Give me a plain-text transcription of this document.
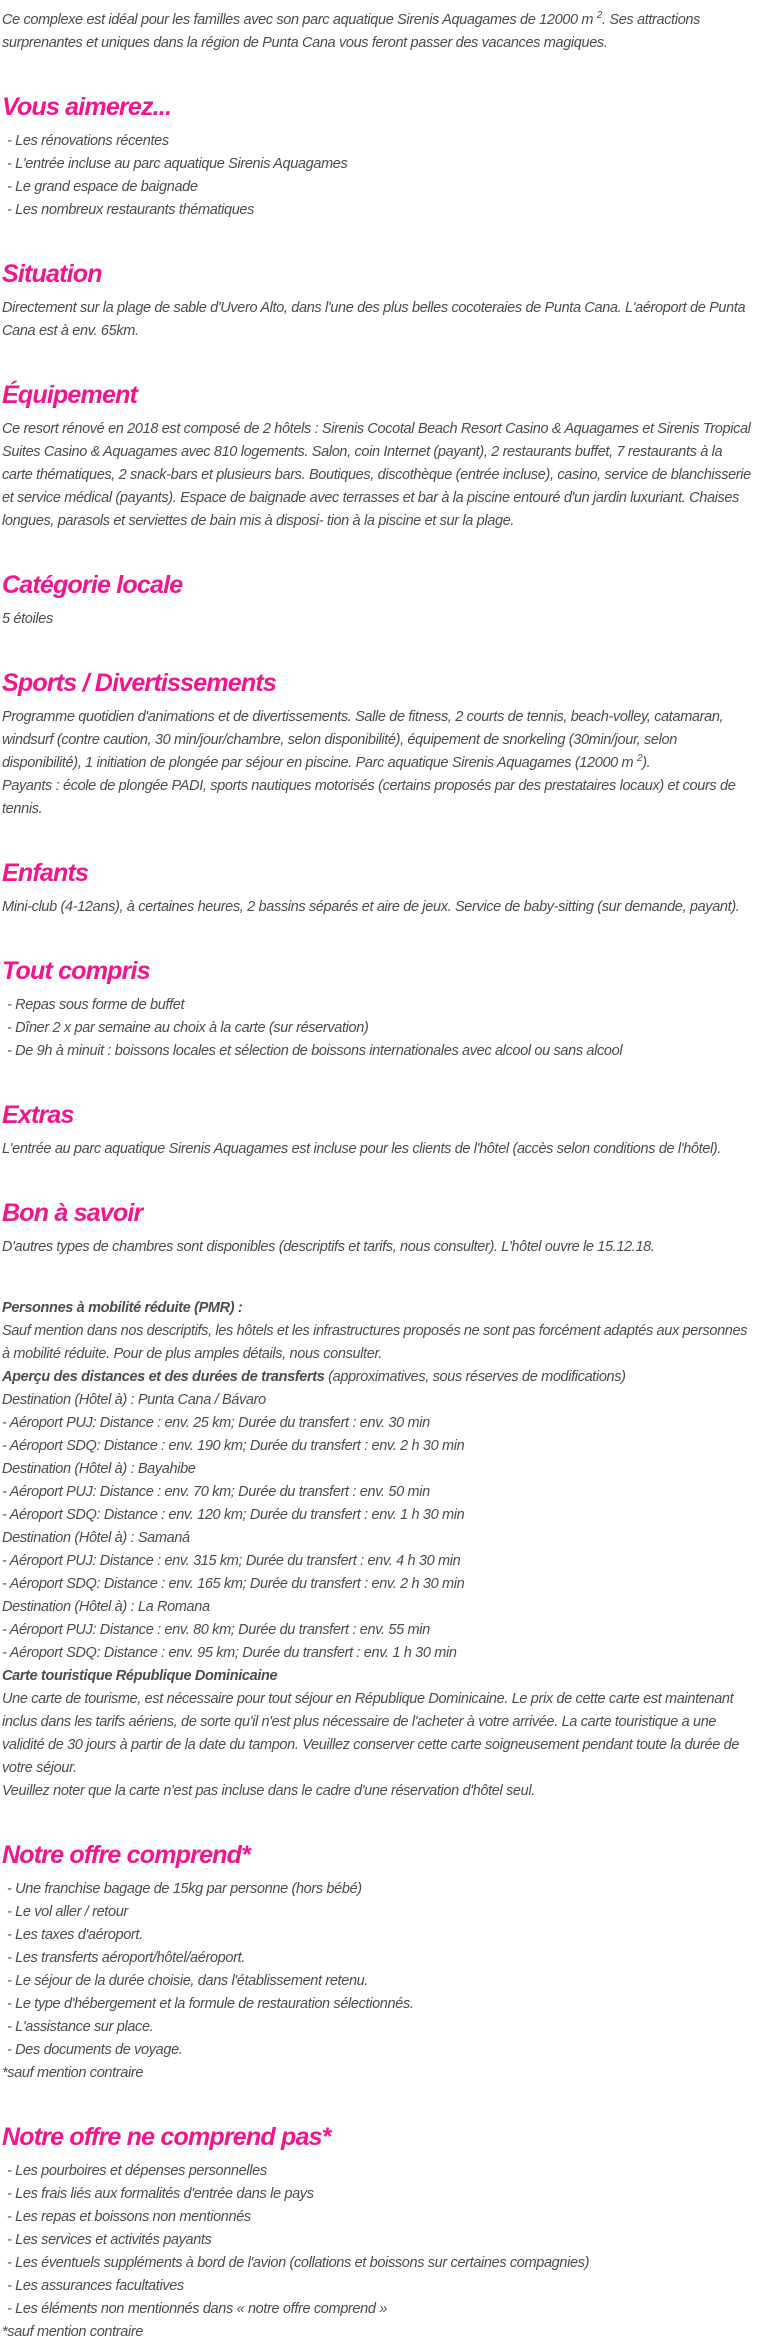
Ce complexe est idéal pour les familles avec son parc aquatique Sirenis Aquagames de 12000 m $^2$. Ses attractions surprenantes et uniques dans la région de Punta Cana vous feront passer des vacances magiques.

Vous aimerez...

- Les rénovations récentes

- L'entrée incluse au parc aquatique Sirenis Aquagames

- Le grand espace de baignade

- Les nombreux restaurants thématiques

Situation

Directement sur la plage de sable d'Uvero Alto, dans l'une des plus belles cocoteraies de Punta Cana. L'aéroport de Punta Cana est à env. 65km.

Équipement

Ce resort rénové en 2018 est composé de 2 hôtels : Sirenis Cocotal Beach Resort Casino & Aquagames et Sirenis Tropical Suites Casino & Aquagames avec 810 logements. Salon, coin Internet (payant), 2 restaurants buffet, 7 restaurants à la carte thématiques, 2 snack-bars et plusieurs bars. Boutiques, discothèque (entrée incluse), casino, service de blanchisserie et service médical (payants). Espace de baignade avec terrasses et bar à la piscine entouré d'un jardin luxuriant. Chaises longues, parasols et serviettes de bain mis à disposi- tion à la piscine et sur la plage.

Catégorie locale

5 étoiles

Sports / Divertissements

Programme quotidien d'animations et de divertissements. Salle de fitness, 2 courts de tennis, beach-volley, catamaran, windsurf (contre caution, 30 min/jour/chambre, selon disponibilité), équipement de snorkeling (30min/jour, selon disponibilité), 1 initiation de plongée par séjour en piscine. Parc aquatique Sirenis Aquagames (12000 m $^2$).
Payants : école de plongée PADI, sports nautiques motorisés (certains proposés par des prestataires locaux) et cours de tennis.

Enfants

Mini-club (4-12ans), à certaines heures, 2 bassins séparés et aire de jeux. Service de baby-sitting (sur demande, payant).

Tout compris

- Repas sous forme de buffet

- Dîner 2 x par semaine au choix à la carte (sur réservation)

- De 9h à minuit : boissons locales et sélection de boissons internationales avec alcool ou sans alcool

Extras

L'entrée au parc aquatique Sirenis Aquagames est incluse pour les clients de l'hôtel (accès selon conditions de l'hôtel).

Bon à savoir

D'autres types de chambres sont disponibles (descriptifs et tarifs, nous consulter). L'hôtel ouvre le 15.12.18.

Personnes à mobilité réduite (PMR) :

Sauf mention dans nos descriptifs, les hôtels et les infrastructures proposés ne sont pas forcément adaptés aux personnes à mobilité réduite. Pour de plus amples détails, nous consulter.

Aperçu des distances et des durées de transferts (approximatives, sous réserves de modifications)

Destination (Hôtel à) : Punta Cana / Bávaro

- Aéroport PUJ: Distance : env. 25 km; Durée du transfert : env. 30 min

- Aéroport SDQ: Distance : env. 190 km; Durée du transfert : env. 2 h 30 min

Destination (Hôtel à) : Bayahibe

- Aéroport PUJ: Distance : env. 70 km; Durée du transfert : env. 50 min

- Aéroport SDQ: Distance : env. 120 km; Durée du transfert : env. 1 h 30 min

Destination (Hôtel à) : Samaná

- Aéroport PUJ: Distance : env. 315 km; Durée du transfert : env. 4 h 30 min

- Aéroport SDQ: Distance : env. 165 km; Durée du transfert : env. 2 h 30 min

Destination (Hôtel à) : La Romana

- Aéroport PUJ: Distance : env. 80 km; Durée du transfert : env. 55 min

- Aéroport SDQ: Distance : env. 95 km; Durée du transfert : env. 1 h 30 min

Carte touristique République Dominicaine

Une carte de tourisme, est nécessaire pour tout séjour en République Dominicaine. Le prix de cette carte est maintenant inclus dans les tarifs aériens, de sorte qu'il n'est plus nécessaire de l'acheter à votre arrivée. La carte touristique a une validité de 30 jours à partir de la date du tampon. Veuillez conserver cette carte soigneusement pendant toute la durée de votre séjour.

Veuillez noter que la carte n'est pas incluse dans le cadre d'une réservation d'hôtel seul.

Notre offre comprend*

- Une franchise bagage de 15kg par personne (hors bébé)

- Le vol aller / retour

- Les taxes d'aéroport.

- Les transferts aéroport/hôtel/aéroport.

- Le séjour de la durée choisie, dans l'établissement retenu.

- Le type d'hébergement et la formule de restauration sélectionnés.

- L'assistance sur place.

- Des documents de voyage.

*sauf mention contraire

Notre offre ne comprend pas*

- Les pourboires et dépenses personnelles

- Les frais liés aux formalités d'entrée dans le pays

- Les repas et boissons non mentionnés

- Les services et activités payants

- Les éventuels suppléments à bord de l'avion (collations et boissons sur certaines compagnies)

- Les assurances facultatives

- Les éléments non mentionnés dans « notre offre comprend »

*sauf mention contraire
